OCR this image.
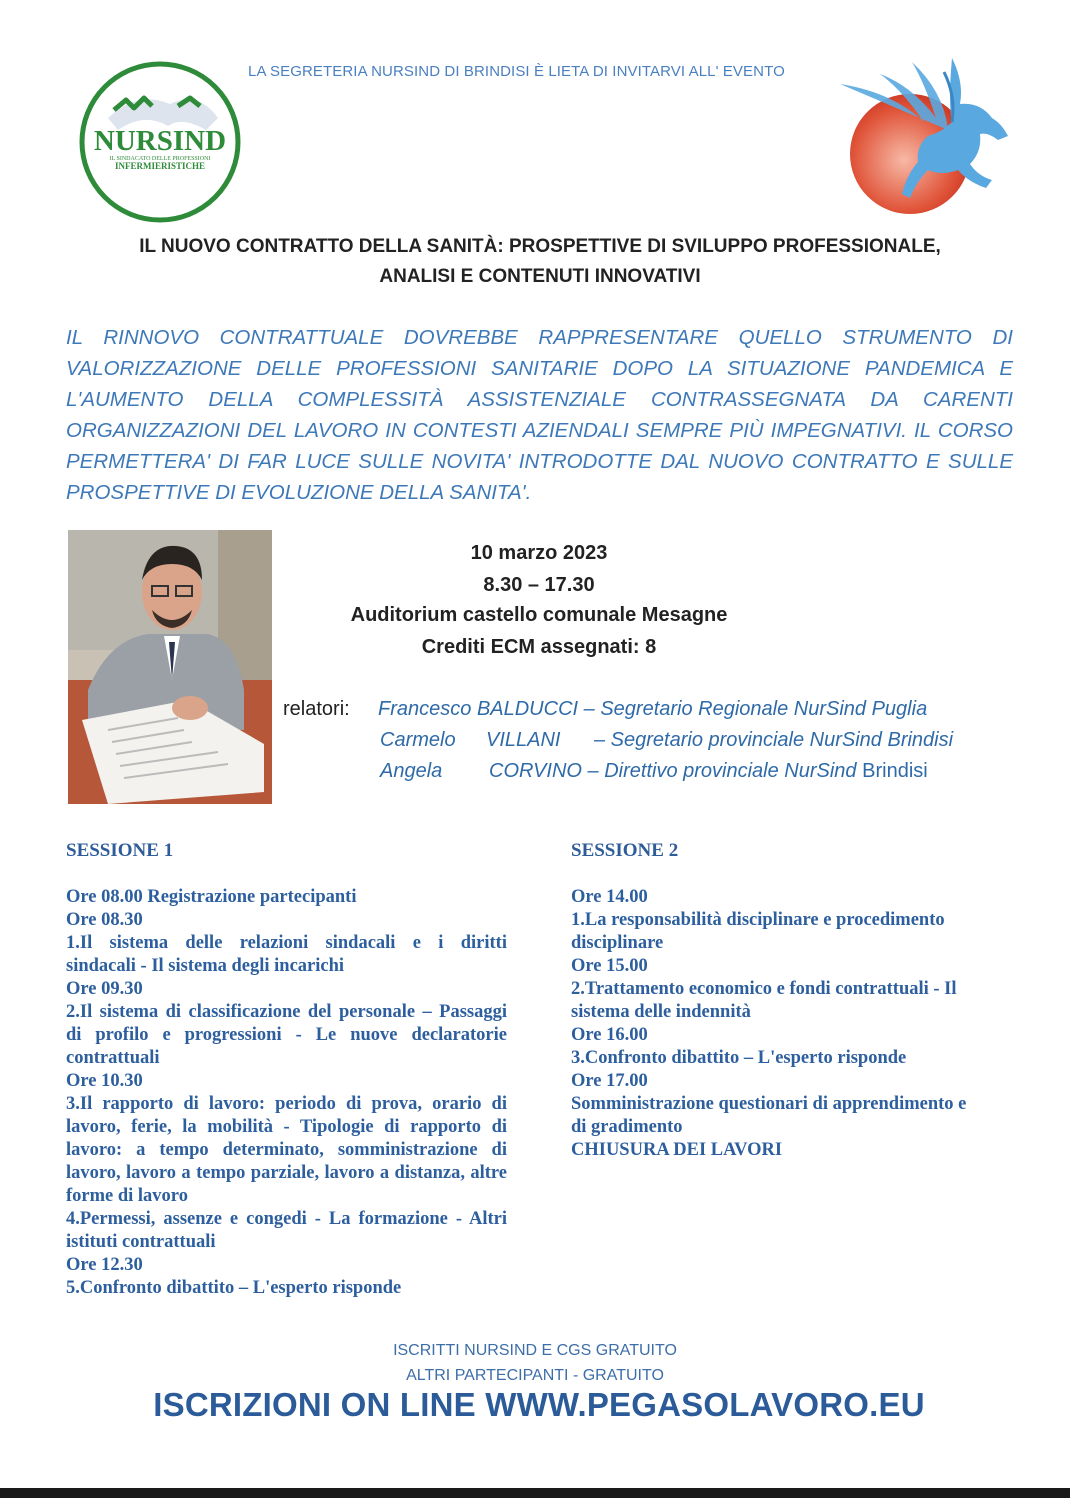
NURSIND
IL SINDACATO DELLE PROFESSIONI
INFERMIERISTICHE
LA SEGRETERIA NURSIND DI BRINDISI È LIETA DI INVITARVI ALL' EVENTO
IL NUOVO CONTRATTO DELLA SANITÀ: PROSPETTIVE DI SVILUPPO PROFESSIONALE,
ANALISI E CONTENUTI INNOVATIVI
IL RINNOVO CONTRATTUALE DOVREBBE RAPPRESENTARE QUELLO STRUMENTO DI
VALORIZZAZIONE DELLE PROFESSIONI SANITARIE DOPO LA SITUAZIONE PANDEMICA E
L'AUMENTO DELLA COMPLESSITÀ ASSISTENZIALE CONTRASSEGNATA DA CARENTI
ORGANIZZAZIONI DEL LAVORO IN CONTESTI AZIENDALI SEMPRE PIÙ IMPEGNATIVI. IL CORSO
PERMETTERA' DI FAR LUCE SULLE NOVITA' INTRODOTTE DAL NUOVO CONTRATTO E SULLE
PROSPETTIVE DI EVOLUZIONE DELLA SANITA'.
10 marzo 2023
8.30 – 17.30
Auditorium castello comunale Mesagne
Crediti ECM assegnati: 8
relatori: Francesco BALDUCCI – Segretario Regionale NurSind Puglia
Carmelo VILLANI – Segretario provinciale NurSind Brindisi
Angela CORVINO – Direttivo provinciale NurSind Brindisi
SESSIONE 1
Ore 08.00 Registrazione partecipanti
Ore 08.30
1.Il sistema delle relazioni sindacali e i diritti
sindacali - Il sistema degli incarichi
Ore 09.30
2.Il sistema di classificazione del personale – Passaggi
di profilo e progressioni - Le nuove declaratorie
contrattuali
Ore 10.30
3.Il rapporto di lavoro: periodo di prova, orario di
lavoro, ferie, la mobilità - Tipologie di rapporto di
lavoro: a tempo determinato, somministrazione di
lavoro, lavoro a tempo parziale, lavoro a distanza, altre
forme di lavoro
4.Permessi, assenze e congedi - La formazione - Altri
istituti contrattuali
Ore 12.30
5.Confronto dibattito – L'esperto risponde
SESSIONE 2
Ore 14.00
1.La responsabilità disciplinare e procedimento
disciplinare
Ore 15.00
2.Trattamento economico e fondi contrattuali - Il
sistema delle indennità
Ore 16.00
3.Confronto dibattito – L'esperto risponde
Ore 17.00
Somministrazione questionari di apprendimento e
di gradimento
CHIUSURA DEI LAVORI
ISCRITTI NURSIND E CGS GRATUITO
ALTRI PARTECIPANTI - GRATUITO
ISCRIZIONI ON LINE WWW.PEGASOLAVORO.EU
